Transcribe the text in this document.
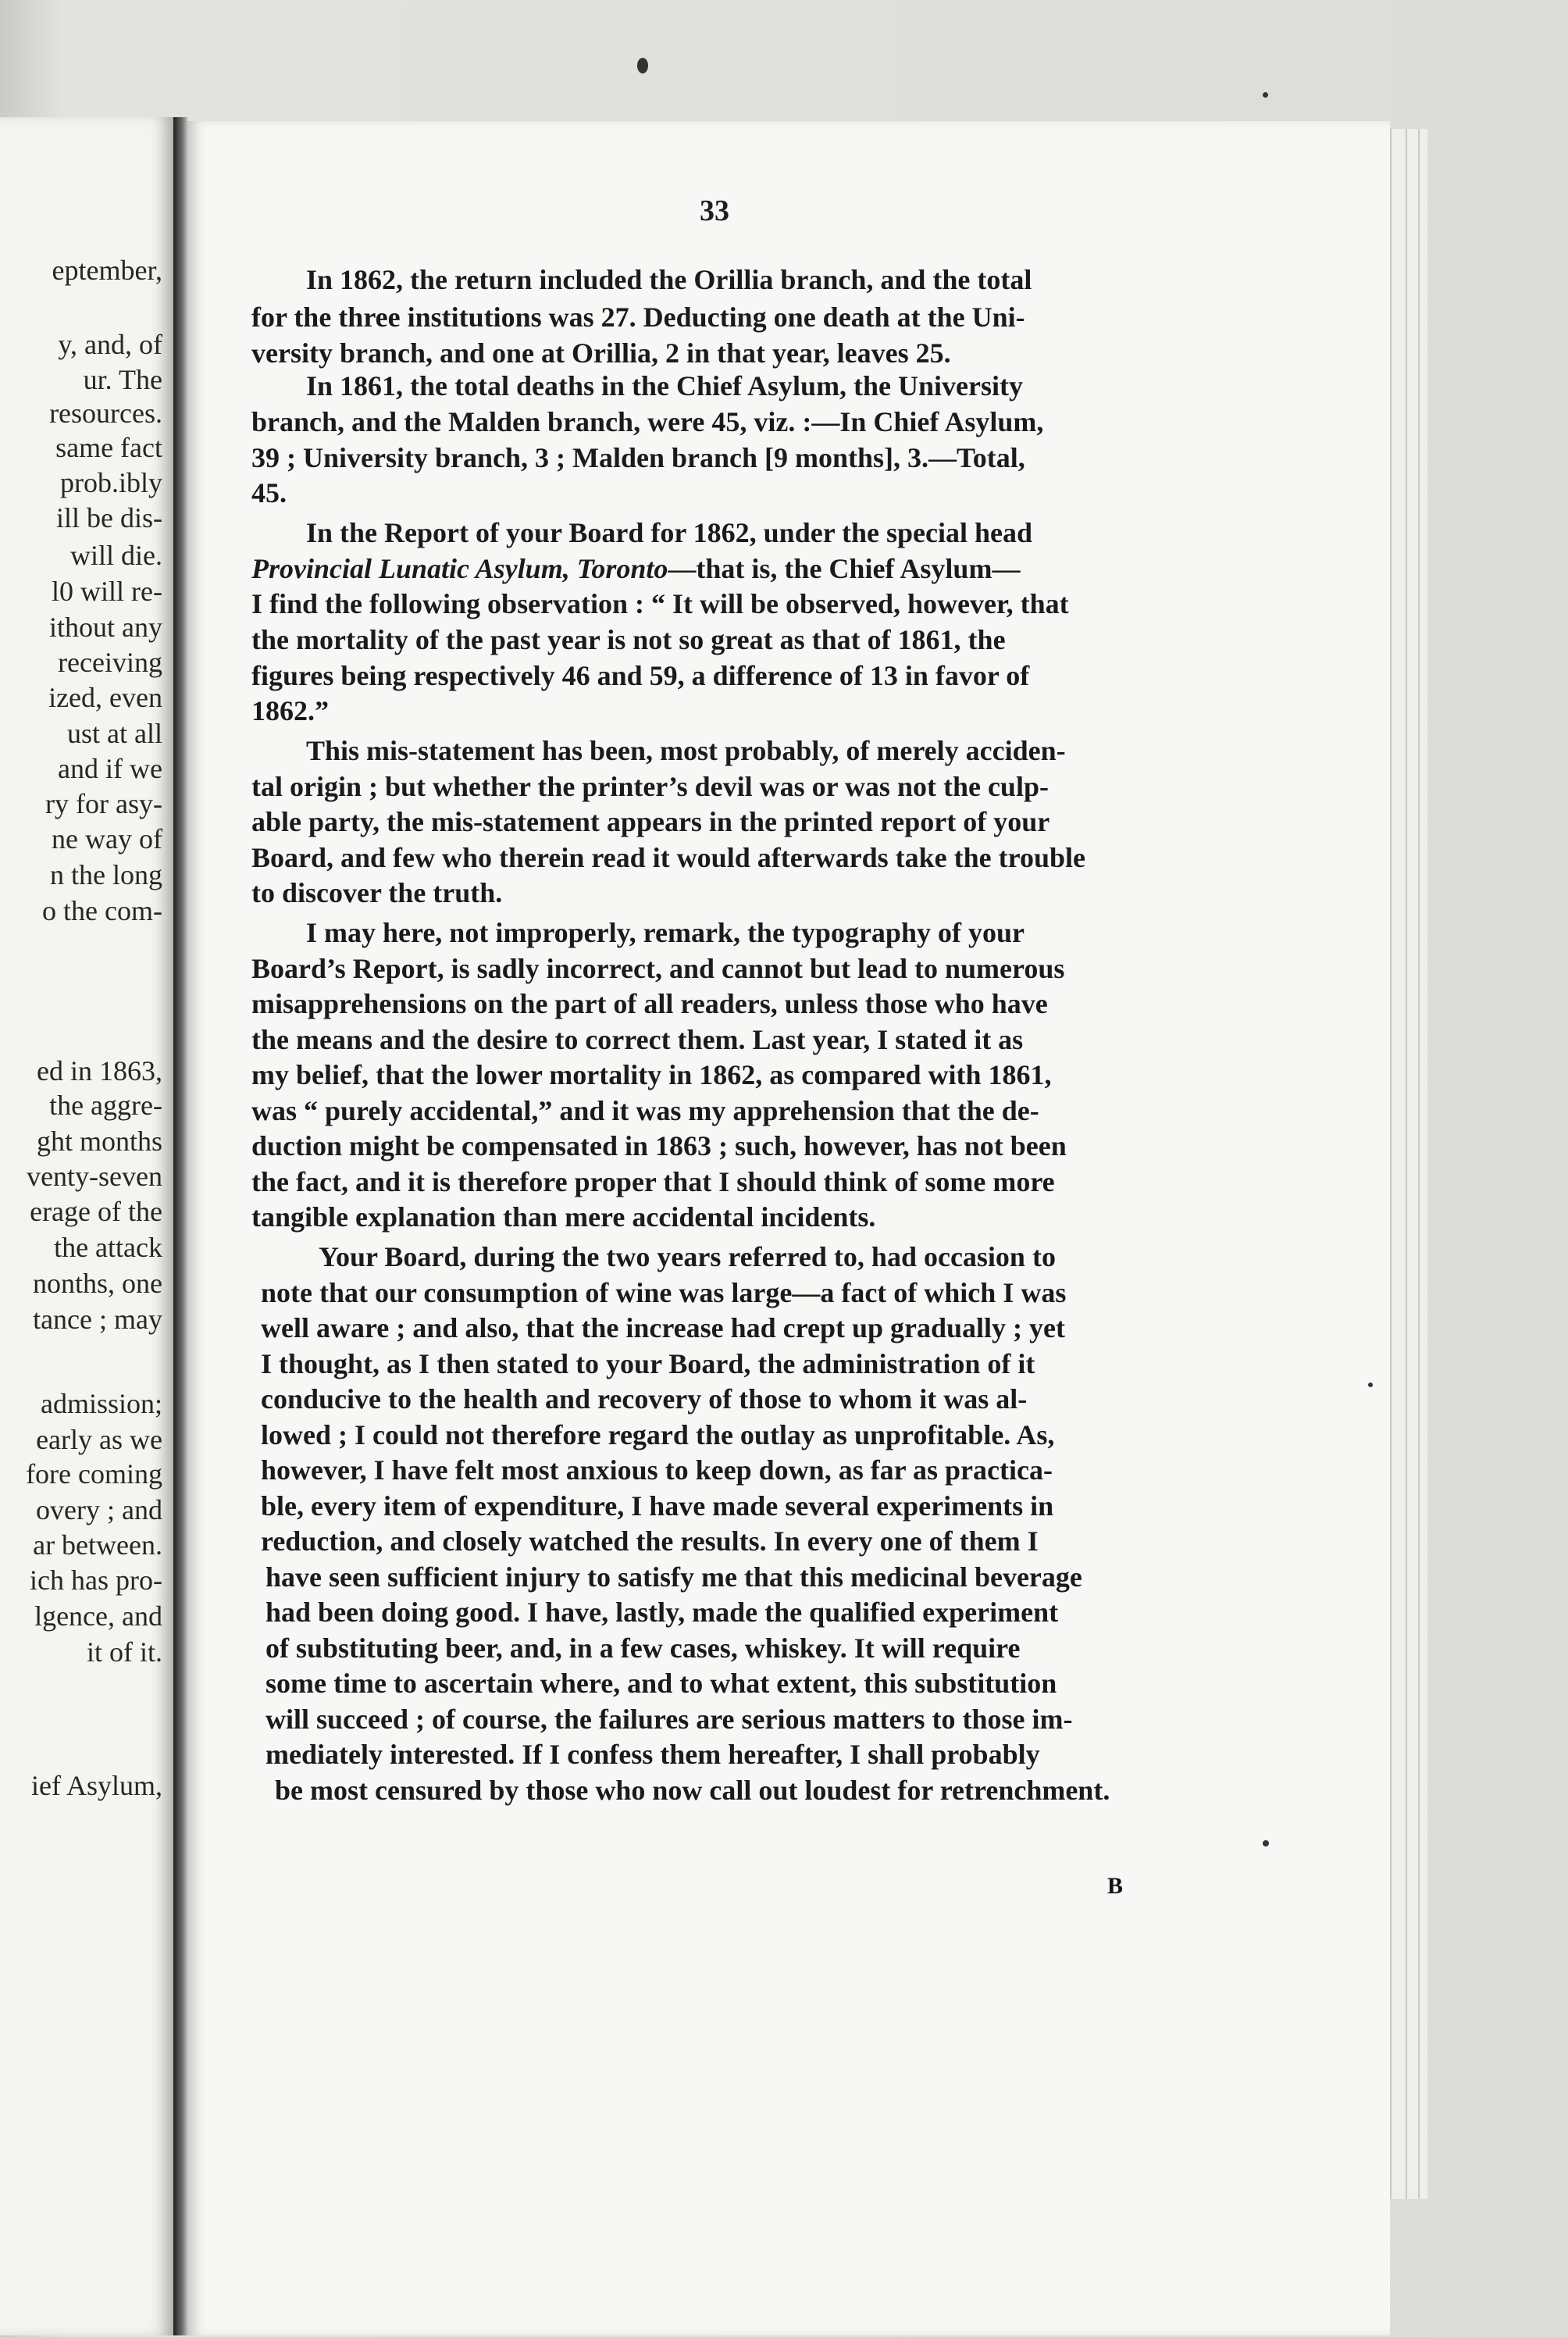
eptember,
y, and, of
ur. The
resources.
same fact
prob.ibly
ill be dis-
will die.
l0 will re-
ithout any
receiving
ized, even
ust at all
and if we
ry for asy-
ne way of
n the long
o the com-
ed in 1863,
the aggre-
ght months
venty-seven
erage of the
the attack
nonths, one
tance ; may
admission;
early as we
fore coming
overy ; and
ar between.
ich has pro-
lgence, and
it of it.
ief Asylum,
33
In 1862, the return included the Orillia branch, and the total
for the three institutions was 27. Deducting one death at the Uni-
versity branch, and one at Orillia, 2 in that year, leaves 25.
In 1861, the total deaths in the Chief Asylum, the University
branch, and the Malden branch, were 45, viz. :—In Chief Asylum,
39 ; University branch, 3 ; Malden branch [9 months], 3.—Total,
45.
In the Report of your Board for 1862, under the special head
Provincial Lunatic Asylum, Toronto—that is, the Chief Asylum—
I find the following observation : “ It will be observed, however, that
the mortality of the past year is not so great as that of 1861, the
figures being respectively 46 and 59, a difference of 13 in favor of
1862.”
This mis-statement has been, most probably, of merely acciden-
tal origin ; but whether the printer’s devil was or was not the culp-
able party, the mis-statement appears in the printed report of your
Board, and few who therein read it would afterwards take the trouble
to discover the truth.
I may here, not improperly, remark, the typography of your
Board’s Report, is sadly incorrect, and cannot but lead to numerous
misapprehensions on the part of all readers, unless those who have
the means and the desire to correct them. Last year, I stated it as
my belief, that the lower mortality in 1862, as compared with 1861,
was “ purely accidental,” and it was my apprehension that the de-
duction might be compensated in 1863 ; such, however, has not been
the fact, and it is therefore proper that I should think of some more
tangible explanation than mere accidental incidents.
Your Board, during the two years referred to, had occasion to
note that our consumption of wine was large—a fact of which I was
well aware ; and also, that the increase had crept up gradually ; yet
I thought, as I then stated to your Board, the administration of it
conducive to the health and recovery of those to whom it was al-
lowed ; I could not therefore regard the outlay as unprofitable. As,
however, I have felt most anxious to keep down, as far as practica-
ble, every item of expenditure, I have made several experiments in
reduction, and closely watched the results. In every one of them I
have seen sufficient injury to satisfy me that this medicinal beverage
had been doing good. I have, lastly, made the qualified experiment
of substituting beer, and, in a few cases, whiskey. It will require
some time to ascertain where, and to what extent, this substitution
will succeed ; of course, the failures are serious matters to those im-
mediately interested. If I confess them hereafter, I shall probably
be most censured by those who now call out loudest for retrenchment.
B
